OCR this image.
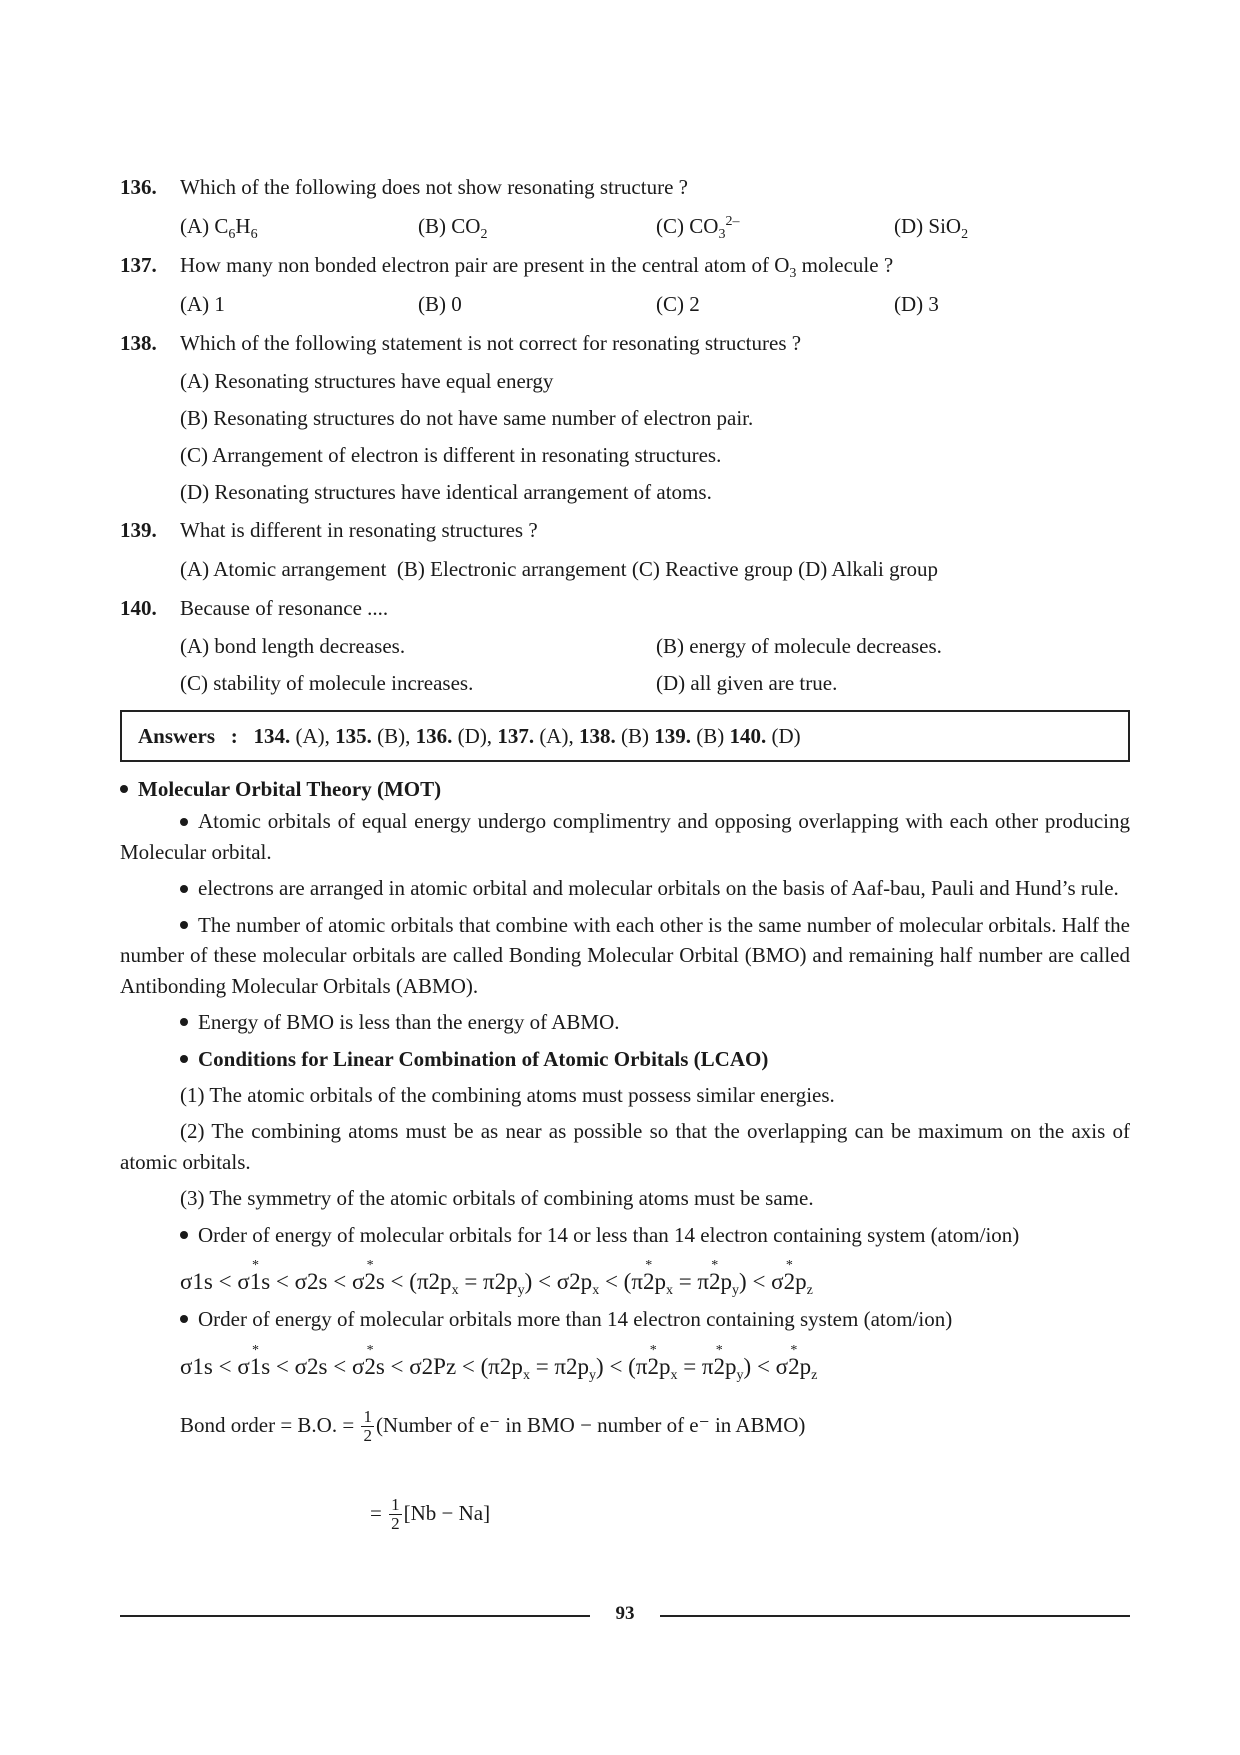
136. Which of the following does not show resonating structure ?
(A) $C_6H_6$	(B) $CO_2$	(C) $CO_3^{2-}$	(D) SiO$_2$
137. How many non bonded electron pair are present in the central atom of $O_3$ molecule ?
(A) 1	(B) 0	(C) 2	(D) 3
138. Which of the following statement is not correct for resonating structures ?
(A) Resonating structures have equal energy
(B) Resonating structures do not have same number of electron pair.
(C) Arrangement of electron is different in resonating structures.
(D) Resonating structures have identical arrangement of atoms.
139. What is different in resonating structures ?
(A) Atomic arrangement  (B) Electronic arrangement (C) Reactive group (D) Alkali group
140. Because of resonance ....
(A) bond length decreases.	(B) energy of molecule decreases.
(C) stability of molecule increases.	(D) all given are true.
Answers : 134. (A), 135. (B), 136. (D), 137. (A), 138. (B) 139. (B) 140. (D)
Molecular Orbital Theory (MOT)

Atomic orbitals of equal energy undergo complimentry and opposing overlapping with each other producing Molecular orbital.

electrons are arranged in atomic orbital and molecular orbitals on the basis of Aaf-bau, Pauli and Hund’s rule.

The number of atomic orbitals that combine with each other is the same number of molecular orbitals. Half the number of these molecular orbitals are called Bonding Molecular Orbital (BMO) and remaining half number are called Antibonding Molecular Orbitals (ABMO).

Energy of BMO is less than the energy of ABMO.
Conditions for Linear Combination of Atomic Orbitals (LCAO)
(1) The atomic orbitals of the combining atoms must possess similar energies.

(2) The combining atoms must be as near as possible so that the overlapping can be maximum on the axis of atomic orbitals.

(3) The symmetry of the atomic orbitals of combining atoms must be same.
Order of energy of molecular orbitals for 14 or less than 14 electron containing system (atom/ion)
σ1s < σ* 1s < σ2s < σ* $2s < (\pi 2p_x = \pi 2p_y) < \sigma 2p_x < (\pi*$ $2p_x = \pi*$ $2p_y) < \sigma*$ $2p_z$
Order of energy of molecular orbitals more than 14 electron containing system (atom/ion)
σ1s < σ* 1s < σ2s < σ* $2s < \sigma 2Pz < (\pi 2p_x = \pi 2p_y) < (\pi*$ $2p_x = \pi*$ $2p_y) < \sigma*$ $2p_z$
Bond order = B.O. = $\frac{1}{2}$ (Number of e⁻ in BMO − number of e⁻ in ABMO)
= $\frac{1}{2} [Nb - Na]$
93
